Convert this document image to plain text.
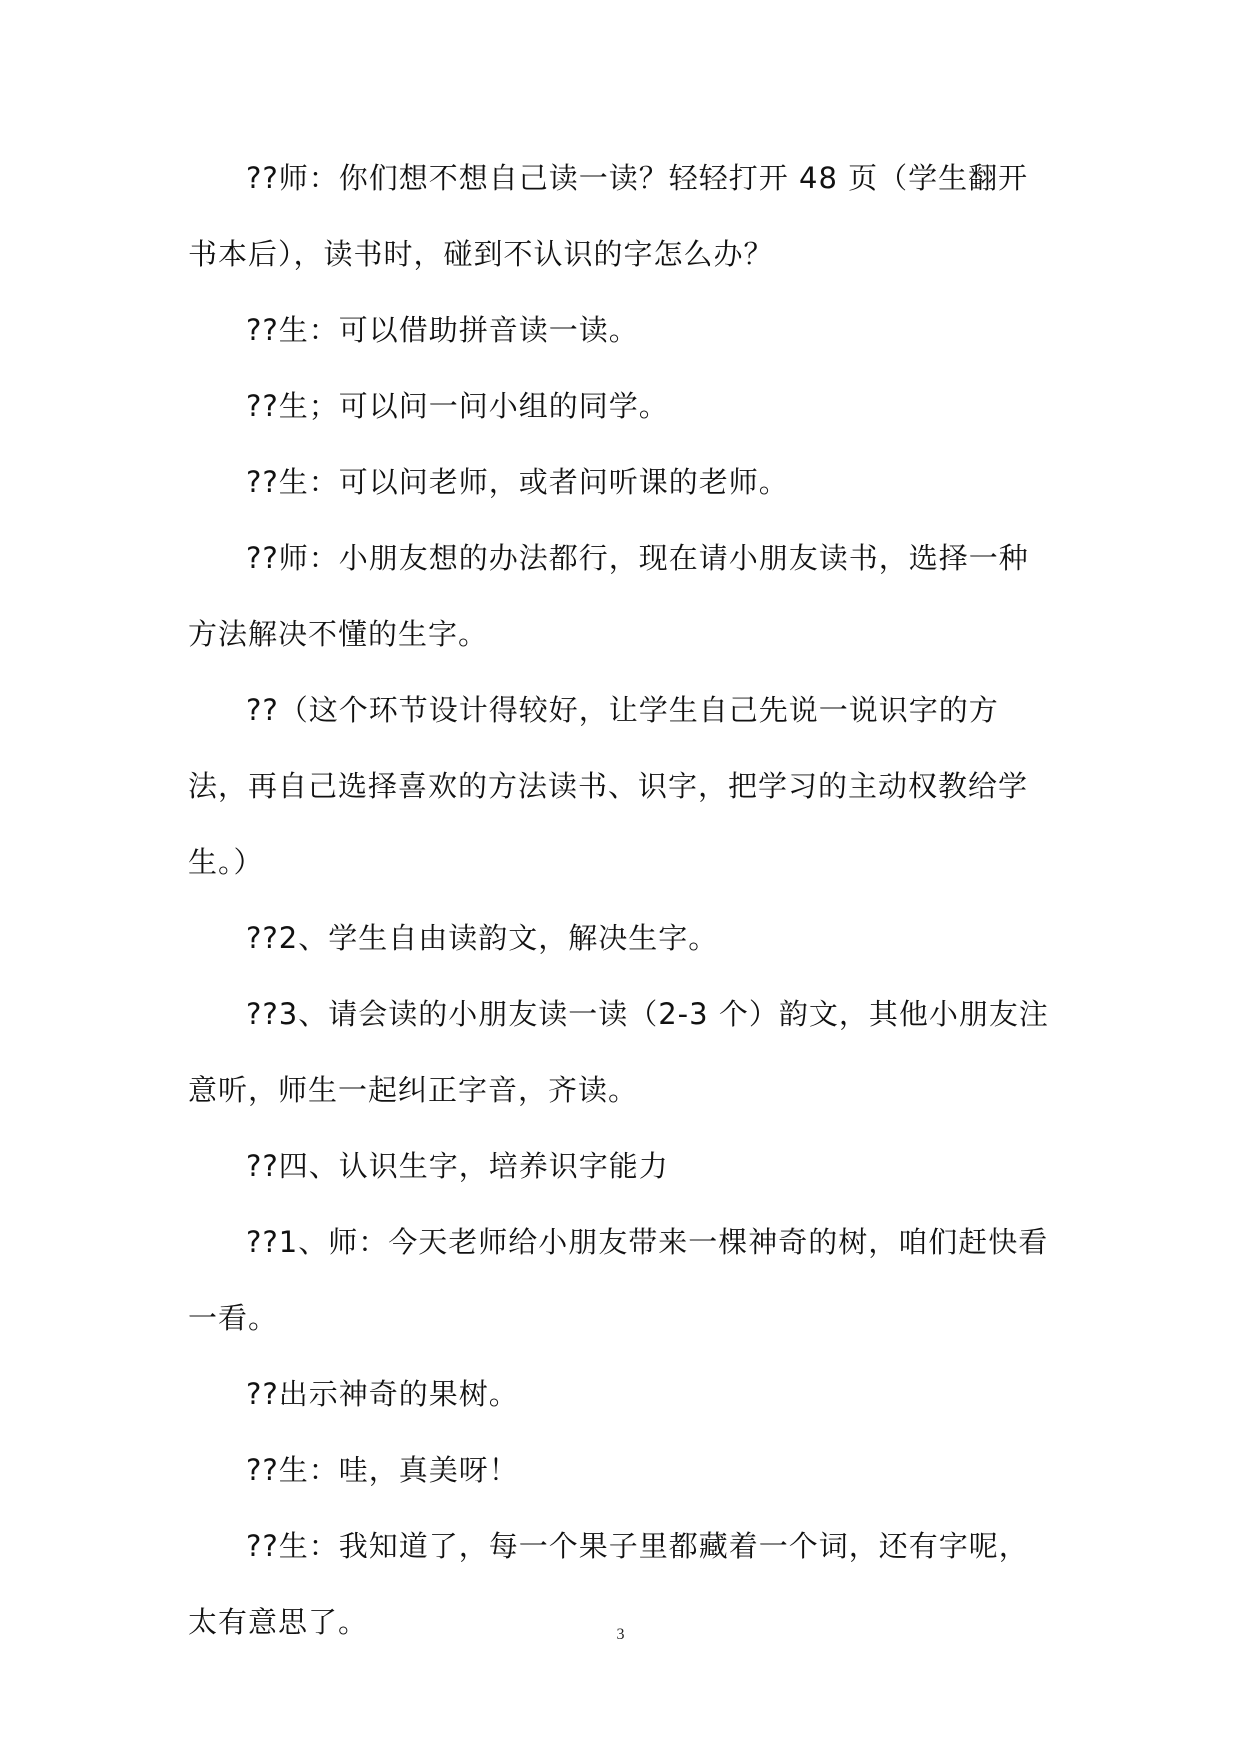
??师：你们想不想自己读一读？轻轻打开 48 页（学生翻开书本后），读书时，碰到不认识的字怎么办？

??生：可以借助拼音读一读。

??生；可以问一问小组的同学。

??生：可以问老师，或者问听课的老师。

??师：小朋友想的办法都行，现在请小朋友读书，选择一种方法解决不懂的生字。

??（这个环节设计得较好，让学生自己先说一说识字的方法，再自己选择喜欢的方法读书、识字，把学习的主动权教给学生。）

??2、学生自由读韵文，解决生字。

??3、请会读的小朋友读一读（2-3 个）韵文，其他小朋友注意听，师生一起纠正字音，齐读。

??四、认识生字，培养识字能力

??1、师：今天老师给小朋友带来一棵神奇的树，咱们赶快看一看。

??出示神奇的果树。

??生：哇，真美呀！

??生：我知道了，每一个果子里都藏着一个词，还有字呢，太有意思了。	3
